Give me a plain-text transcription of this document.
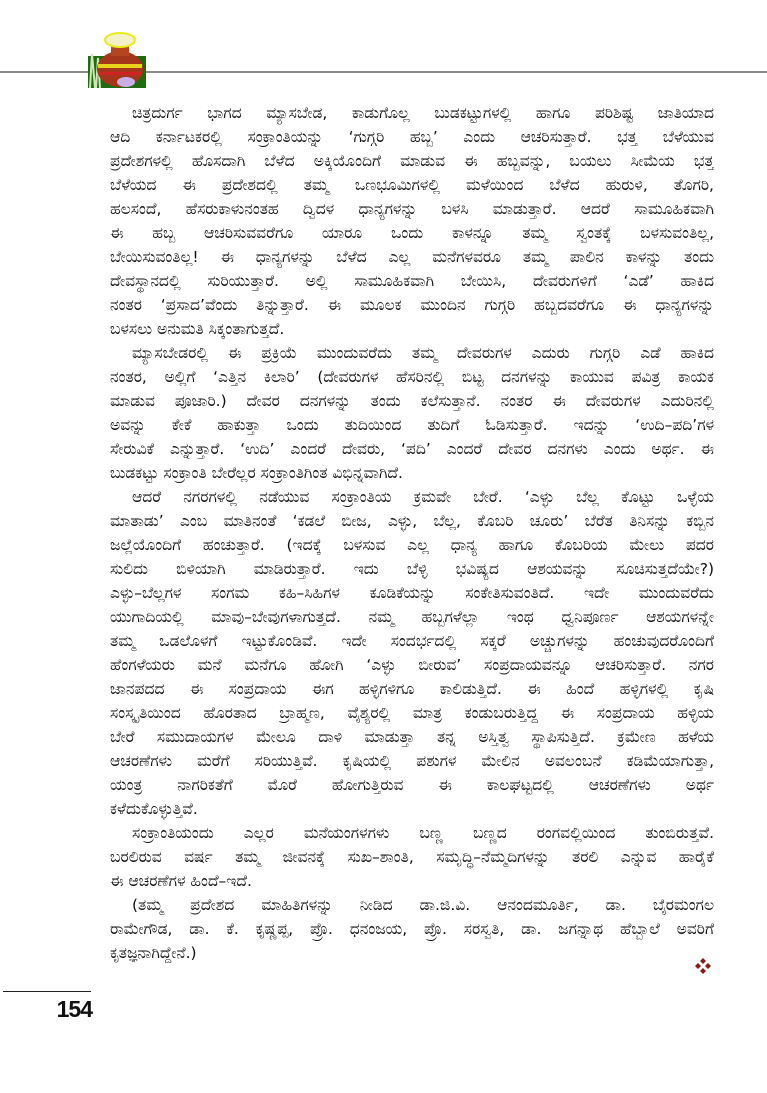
ಚಿತ್ರದುರ್ಗ ಭಾಗದ ಮ್ಯಾಸಬೇಡ, ಕಾಡುಗೊಲ್ಲ ಬುಡಕಟ್ಟುಗಳಲ್ಲಿ ಹಾಗೂ ಪರಿಶಿಷ್ಟ ಜಾತಿಯಾದ
ಆದಿ ಕರ್ನಾಟಕರಲ್ಲಿ ಸಂಕ್ರಾಂತಿಯನ್ನು ‘ಗುಗ್ಗರಿ ಹಬ್ಬ’ ಎಂದು ಆಚರಿಸುತ್ತಾರೆ. ಭತ್ತ ಬೆಳೆಯುವ
ಪ್ರದೇಶಗಳಲ್ಲಿ ಹೊಸದಾಗಿ ಬೆಳೆದ ಅಕ್ಕಿಯೊಂದಿಗೆ ಮಾಡುವ ಈ ಹಬ್ಬವನ್ನು, ಬಯಲು ಸೀಮೆಯ ಭತ್ತ
ಬೆಳೆಯದ ಈ ಪ್ರದೇಶದಲ್ಲಿ ತಮ್ಮ ಒಣಭೂಮಿಗಳಲ್ಲಿ ಮಳೆಯಿಂದ ಬೆಳೆದ ಹುರುಳಿ, ತೊಗರಿ,
ಹಲಸಂದೆ, ಹೆಸರುಕಾಳುನಂತಹ ದ್ವಿದಳ ಧಾನ್ಯಗಳನ್ನು ಬಳಸಿ ಮಾಡುತ್ತಾರೆ. ಆದರೆ ಸಾಮೂಹಿಕವಾಗಿ
ಈ ಹಬ್ಬ ಆಚರಿಸುವವರೆಗೂ ಯಾರೂ ಒಂದು ಕಾಳನ್ನೂ ತಮ್ಮ ಸ್ವಂತಕ್ಕೆ ಬಳಸುವಂತಿಲ್ಲ,
ಬೇಯಿಸುವಂತಿಲ್ಲ! ಈ ಧಾನ್ಯಗಳನ್ನು ಬೆಳೆದ ಎಲ್ಲ ಮನೆಗಳವರೂ ತಮ್ಮ ಪಾಲಿನ ಕಾಳನ್ನು ತಂದು
ದೇವಸ್ಥಾನದಲ್ಲಿ ಸುರಿಯುತ್ತಾರೆ. ಅಲ್ಲಿ ಸಾಮೂಹಿಕವಾಗಿ ಬೇಯಿಸಿ, ದೇವರುಗಳಿಗೆ ‘ಎಡೆ’ ಹಾಕಿದ
ನಂತರ ‘ಪ್ರಸಾದ’ವೆಂದು ತಿನ್ನುತ್ತಾರೆ. ಈ ಮೂಲಕ ಮುಂದಿನ ಗುಗ್ಗರಿ ಹಬ್ಬದವರೆಗೂ ಈ ಧಾನ್ಯಗಳನ್ನು
ಬಳಸಲು ಅನುಮತಿ ಸಿಕ್ಕಂತಾಗುತ್ತದೆ.
ಮ್ಯಾಸಬೇಡರಲ್ಲಿ ಈ ಪ್ರಕ್ರಿಯೆ ಮುಂದುವರೆದು ತಮ್ಮ ದೇವರುಗಳ ಎದುರು ಗುಗ್ಗರಿ ಎಡೆ ಹಾಕಿದ
ನಂತರ, ಅಲ್ಲಿಗೆ ‘ಎತ್ತಿನ ಕಿಲಾರಿ’ (ದೇವರುಗಳ ಹೆಸರಿನಲ್ಲಿ ಬಿಟ್ಟ ದನಗಳನ್ನು ಕಾಯುವ ಪವಿತ್ರ ಕಾಯಕ
ಮಾಡುವ ಪೂಜಾರಿ.) ದೇವರ ದನಗಳನ್ನು ತಂದು ಕಲೆಸುತ್ತಾನೆ. ನಂತರ ಈ ದೇವರುಗಳ ಎದುರಿನಲ್ಲಿ
ಅವನ್ನು ಕೇಕೆ ಹಾಕುತ್ತಾ ಒಂದು ತುದಿಯಿಂದ ತುದಿಗೆ ಓಡಿಸುತ್ತಾರೆ. ಇದನ್ನು ‘ಉದಿ–ಪದಿ’ಗಳ
ಸೇರುವಿಕೆ ಎನ್ನುತ್ತಾರೆ. ‘ಉದಿ’ ಎಂದರೆ ದೇವರು, ‘ಪದಿ’ ಎಂದರೆ ದೇವರ ದನಗಳು ಎಂದು ಅರ್ಥ. ಈ
ಬುಡಕಟ್ಟು ಸಂಕ್ರಾಂತಿ ಬೇರೆಲ್ಲರ ಸಂಕ್ರಾಂತಿಗಿಂತ ವಿಭಿನ್ನವಾಗಿದೆ.
ಆದರೆ ನಗರಗಳಲ್ಲಿ ನಡೆಯುವ ಸಂಕ್ರಾಂತಿಯ ಕ್ರಮವೇ ಬೇರೆ. ‘ಎಳ್ಳು ಬೆಲ್ಲ ಕೊಟ್ಟು ಒಳ್ಳೆಯ
ಮಾತಾಡು’ ಎಂಬ ಮಾತಿನಂತೆ ‘ಕಡಲೆ ಬೀಜ, ಎಳ್ಳು, ಬೆಲ್ಲ, ಕೊಬರಿ ಚೂರು’ ಬೆರೆತ ತಿನಿಸನ್ನು ಕಬ್ಬಿನ
ಜಲ್ಲೆಯೊಂದಿಗೆ ಹಂಚುತ್ತಾರೆ. (ಇದಕ್ಕೆ ಬಳಸುವ ಎಲ್ಲ ಧಾನ್ಯ ಹಾಗೂ ಕೊಬರಿಯ ಮೇಲು ಪದರ
ಸುಲಿದು ಬಿಳಿಯಾಗಿ ಮಾಡಿರುತ್ತಾರೆ. ಇದು ಬೆಳ್ಳಿ ಭವಿಷ್ಯದ ಆಶಯವನ್ನು ಸೂಚಿಸುತ್ತದೆಯೇ?)
ಎಳ್ಳು–ಬೆಲ್ಲಗಳ ಸಂಗಮ ಕಹಿ–ಸಿಹಿಗಳ ಕೂಡಿಕೆಯನ್ನು ಸಂಕೇತಿಸುವಂತಿದೆ. ಇದೇ ಮುಂದುವರೆದು
ಯುಗಾದಿಯಲ್ಲಿ ಮಾವು–ಬೇವುಗಳಾಗುತ್ತದೆ. ನಮ್ಮ ಹಬ್ಬಗಳೆಲ್ಲಾ ಇಂಥ ಧ್ವನಿಪೂರ್ಣ ಆಶಯಗಳನ್ನೇ
ತಮ್ಮ ಒಡಲೊಳಗೆ ಇಟ್ಟುಕೊಂಡಿವೆ. ಇದೇ ಸಂದರ್ಭದಲ್ಲಿ ಸಕ್ಕರೆ ಅಚ್ಚುಗಳನ್ನು ಹಂಚುವುದರೊಂದಿಗೆ
ಹೆಂಗಳೆಯರು ಮನೆ ಮನೆಗೂ ಹೋಗಿ ‘ಎಳ್ಳು ಬೀರುವ’ ಸಂಪ್ರದಾಯವನ್ನೂ ಆಚರಿಸುತ್ತಾರೆ. ನಗರ
ಜಾನಪದದ ಈ ಸಂಪ್ರದಾಯ ಈಗ ಹಳ್ಳಿಗಳಿಗೂ ಕಾಲಿಡುತ್ತಿದೆ. ಈ ಹಿಂದೆ ಹಳ್ಳಿಗಳಲ್ಲಿ ಕೃಷಿ
ಸಂಸ್ಕೃತಿಯಿಂದ ಹೊರತಾದ ಬ್ರಾಹ್ಮಣ, ವೈಶ್ಯರಲ್ಲಿ ಮಾತ್ರ ಕಂಡುಬರುತ್ತಿದ್ದ ಈ ಸಂಪ್ರದಾಯ ಹಳ್ಳಿಯ
ಬೇರೆ ಸಮುದಾಯಗಳ ಮೇಲೂ ದಾಳಿ ಮಾಡುತ್ತಾ ತನ್ನ ಅಸ್ತಿತ್ವ ಸ್ಥಾಪಿಸುತ್ತಿದೆ. ಕ್ರಮೇಣ ಹಳೆಯ
ಆಚರಣೆಗಳು ಮರೆಗೆ ಸರಿಯುತ್ತಿವೆ. ಕೃಷಿಯಲ್ಲಿ ಪಶುಗಳ ಮೇಲಿನ ಅವಲಂಬನೆ ಕಡಿಮೆಯಾಗುತ್ತಾ,
ಯಂತ್ರ ನಾಗರಿಕತೆಗೆ ಮೊರೆ ಹೋಗುತ್ತಿರುವ ಈ ಕಾಲಘಟ್ಟದಲ್ಲಿ ಆಚರಣೆಗಳು ಅರ್ಥ
ಕಳೆದುಕೊಳ್ಳುತ್ತಿವೆ.
ಸಂಕ್ರಾಂತಿಯಂದು ಎಲ್ಲರ ಮನೆಯಂಗಳಗಳು ಬಣ್ಣ ಬಣ್ಣದ ರಂಗವಲ್ಲಿಯಿಂದ ತುಂಬಿರುತ್ತವೆ.
ಬರಲಿರುವ ವರ್ಷ ತಮ್ಮ ಜೀವನಕ್ಕೆ ಸುಖ–ಶಾಂತಿ, ಸಮೃದ್ಧಿ–ನೆಮ್ಮದಿಗಳನ್ನು ತರಲಿ ಎನ್ನುವ ಹಾರೈಕೆ
ಈ ಆಚರಣೆಗಳ ಹಿಂದೆ–ಇದೆ.
(ತಮ್ಮ ಪ್ರದೇಶದ ಮಾಹಿತಿಗಳನ್ನು ನೀಡಿದ ಡಾ.ಜಿ.ವಿ. ಆನಂದಮೂರ್ತಿ, ಡಾ. ಬೈರಮಂಗಲ
ರಾಮೇಗೌಡ, ಡಾ. ಕೆ. ಕೃಷ್ಣಪ್ಪ, ಪ್ರೊ. ಧನಂಜಯ, ಪ್ರೊ. ಸರಸ್ವತಿ, ಡಾ. ಜಗನ್ನಾಥ ಹೆಬ್ಬಾಲೆ ಅವರಿಗೆ
ಕೃತಜ್ಞನಾಗಿದ್ದೇನೆ.)
154
